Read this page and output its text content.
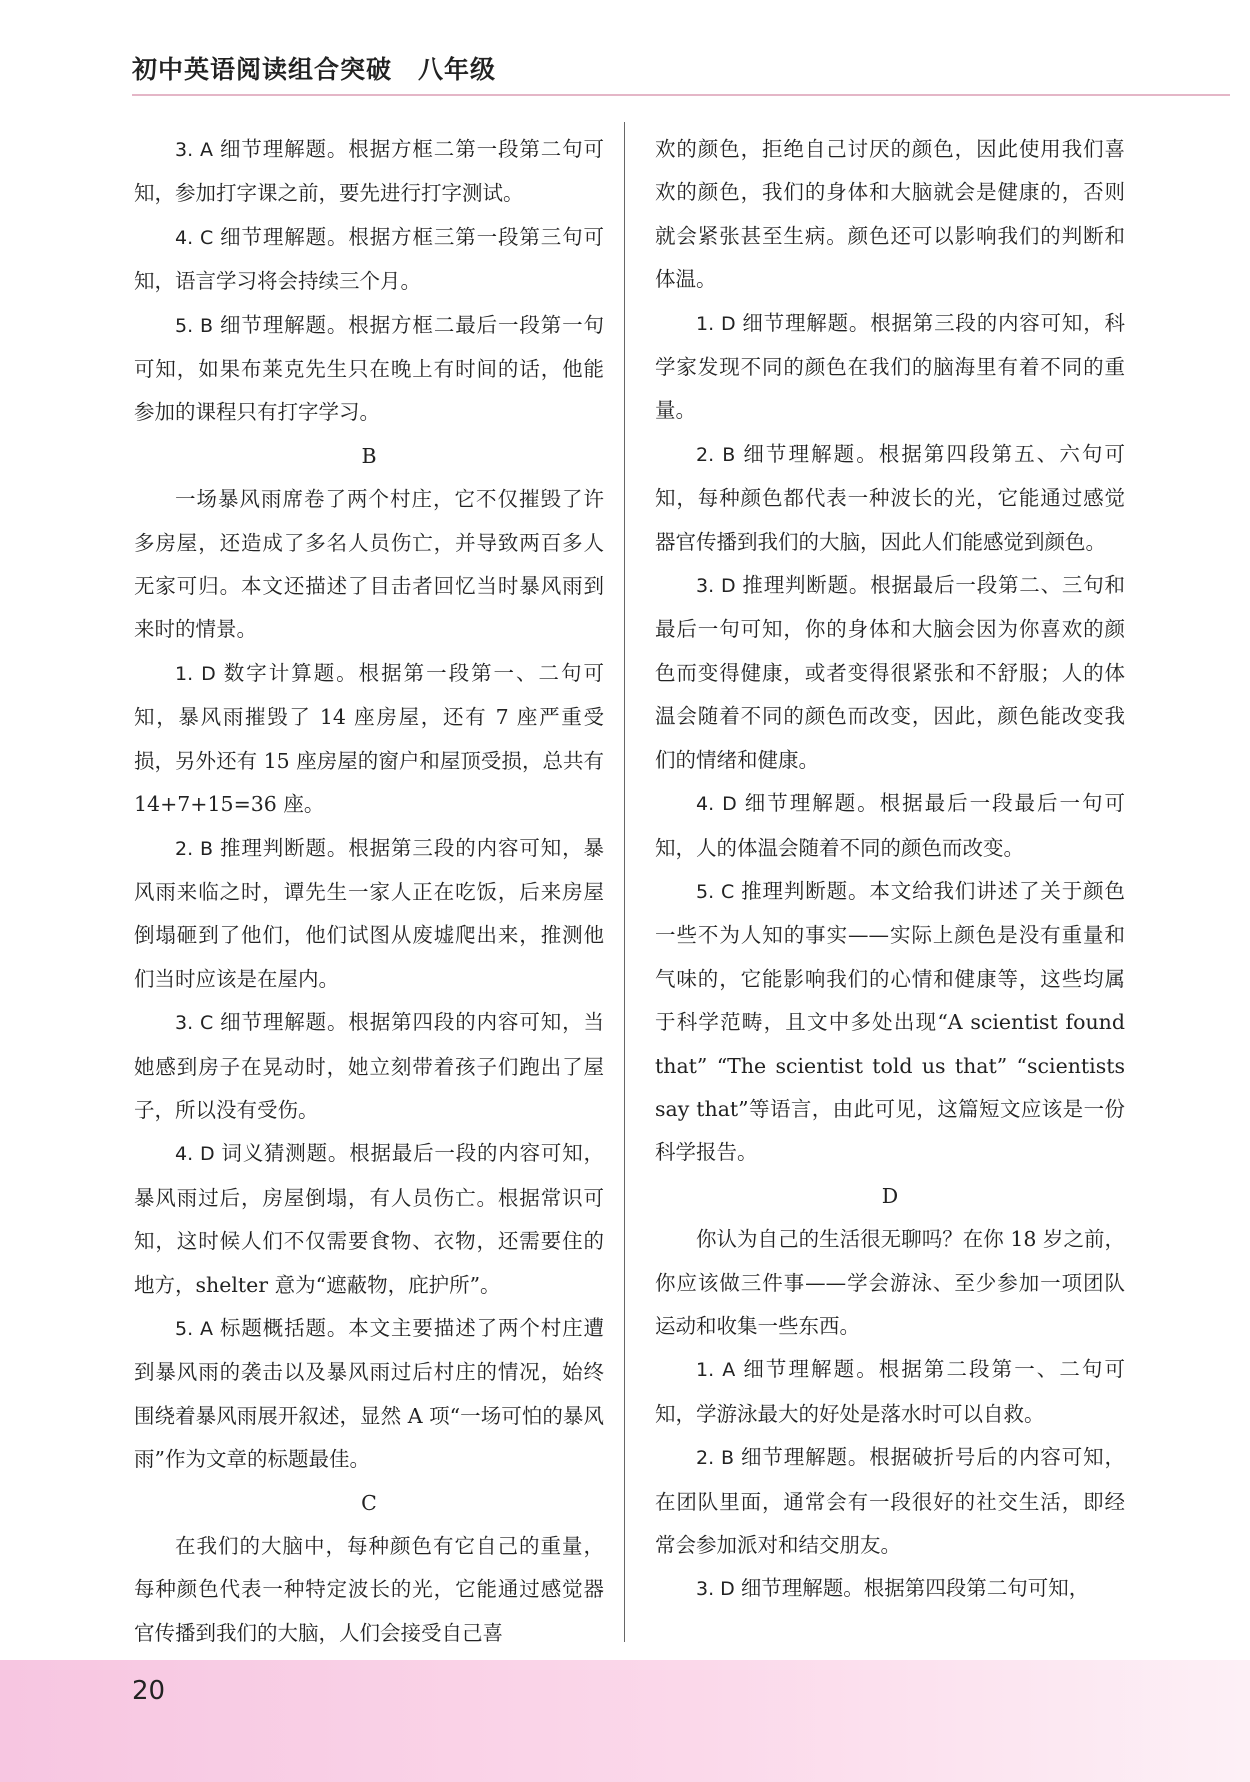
初中英语阅读组合突破　八年级

3. A 细节理解题。根据方框二第一段第二句可知，参加打字课之前，要先进行打字测试。

4. C 细节理解题。根据方框三第一段第三句可知，语言学习将会持续三个月。

5. B 细节理解题。根据方框二最后一段第一句可知，如果布莱克先生只在晚上有时间的话，他能参加的课程只有打字学习。

B

一场暴风雨席卷了两个村庄，它不仅摧毁了许多房屋，还造成了多名人员伤亡，并导致两百多人无家可归。本文还描述了目击者回忆当时暴风雨到来时的情景。

1. D 数字计算题。根据第一段第一、二句可知，暴风雨摧毁了 14 座房屋，还有 7 座严重受损，另外还有 15 座房屋的窗户和屋顶受损，总共有 14+7+15=36 座。

2. B 推理判断题。根据第三段的内容可知，暴风雨来临之时，谭先生一家人正在吃饭，后来房屋倒塌砸到了他们，他们试图从废墟爬出来，推测他们当时应该是在屋内。

3. C 细节理解题。根据第四段的内容可知，当她感到房子在晃动时，她立刻带着孩子们跑出了屋子，所以没有受伤。

4. D 词义猜测题。根据最后一段的内容可知，暴风雨过后，房屋倒塌，有人员伤亡。根据常识可知，这时候人们不仅需要食物、衣物，还需要住的地方，shelter 意为“遮蔽物，庇护所”。

5. A 标题概括题。本文主要描述了两个村庄遭到暴风雨的袭击以及暴风雨过后村庄的情况，始终围绕着暴风雨展开叙述，显然 A 项“一场可怕的暴风雨”作为文章的标题最佳。

C

在我们的大脑中，每种颜色有它自己的重量，每种颜色代表一种特定波长的光，它能通过感觉器官传播到我们的大脑，人们会接受自己喜

欢的颜色，拒绝自己讨厌的颜色，因此使用我们喜欢的颜色，我们的身体和大脑就会是健康的，否则就会紧张甚至生病。颜色还可以影响我们的判断和体温。

1. D 细节理解题。根据第三段的内容可知，科学家发现不同的颜色在我们的脑海里有着不同的重量。

2. B 细节理解题。根据第四段第五、六句可知，每种颜色都代表一种波长的光，它能通过感觉器官传播到我们的大脑，因此人们能感觉到颜色。

3. D 推理判断题。根据最后一段第二、三句和最后一句可知，你的身体和大脑会因为你喜欢的颜色而变得健康，或者变得很紧张和不舒服；人的体温会随着不同的颜色而改变，因此，颜色能改变我们的情绪和健康。

4. D 细节理解题。根据最后一段最后一句可知，人的体温会随着不同的颜色而改变。

5. C 推理判断题。本文给我们讲述了关于颜色一些不为人知的事实——实际上颜色是没有重量和气味的，它能影响我们的心情和健康等，这些均属于科学范畴，且文中多处出现“A scientist found that” “The scientist told us that” “scientists say that”等语言，由此可见，这篇短文应该是一份科学报告。

D

你认为自己的生活很无聊吗？在你 18 岁之前，你应该做三件事——学会游泳、至少参加一项团队运动和收集一些东西。

1. A 细节理解题。根据第二段第一、二句可知，学游泳最大的好处是落水时可以自救。

2. B 细节理解题。根据破折号后的内容可知，在团队里面，通常会有一段很好的社交生活，即经常会参加派对和结交朋友。

3. D 细节理解题。根据第四段第二句可知，

20
